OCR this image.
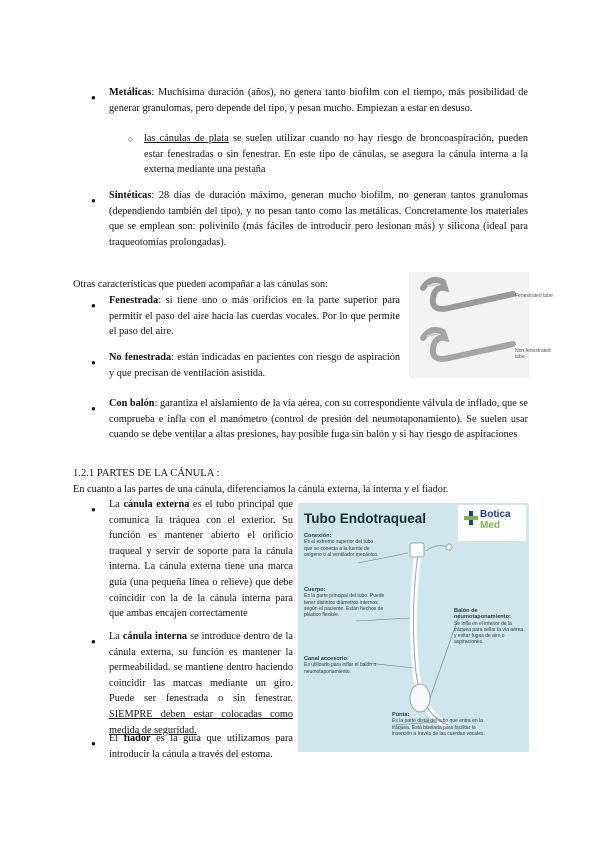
● Metálicas: Muchísima duración (años), no genera tanto biofilm con el tiempo, más posibilidad de generar granulomas, pero depende del tipo, y pesan mucho. Empiezan a estar en desuso.
○ las cánulas de plata se suelen utilizar cuando no hay riesgo de broncoaspiración, pueden estar fenestradas o sin fenestrar. En este tipo de cánulas, se asegura la cánula interna a la externa mediante una pestaña
● Sintéticas: 28 días de duración máximo, generan mucho biofilm, no generan tantos granulomas (dependiendo también del tipo), y no pesan tanto como las metálicas. Concretamente los materiales que se emplean son: polivinilo (más fáciles de introducir pero lesionan más) y silicona (ideal para traqueotomías prolongadas).
Otras características que pueden acompañar a las cánulas son:
● Fenestrada: si tiene uno o más orificios en la parte superior para permitir el paso del aire hacia las cuerdas vocales. Por lo que permite el paso del aire.
● No fenestrada: están indicadas en pacientes con riesgo de aspiración y que precisan de ventilación asistida.
Fenestrated tube
Non fenestrated
tube
● Con balón: garantiza el aislamiento de la vía aérea, con su correspondiente válvula de inflado, que se comprueba e infla con el manómetro (control de presión del neumotaponamiento). Se suelen usar cuando se debe ventilar a altas presiones, hay posible fuga sin balón y si hay riesgo de aspiraciones
1.2.1 PARTES DE LA CÁNULA :
En cuanto a las partes de una cánula, diferenciamos la cánula externa, la interna y el fiador.
● La cánula externa es el tubo principal que comunica la tráquea con el exterior. Su función es mantener abierto el orificio traqueal y servir de soporte para la cánula interna. La cánula externa tiene una marca guía (una pequeña línea o relieve) que debe coincidir con la de la cánula interna para que ambas encajen correctamente
● La cánula interna se introduce dentro de la cánula externa, su función es mantener la permeabilidad. se mantiene dentro haciendo coincidir las marcas mediante un giro. Puede ser fenestrada o sin fenestrar. SIEMPRE deben estar colocadas como medida de seguridad.
● El fiador es la guía que utilizamos para introducir la cánula a través del estoma.
Tubo Endotraqueal	Botica
Med
Conexión:
Es el extremo superior del tubo que se conecta a la fuente de oxígeno o al ventilador mecánico.
Cuerpo:
Es la parte principal del tubo. Puede tener distintos diámetros internos según el paciente. Están hechos de plástico flexible.
Canal accesorio:
Es utilizado para inflar el balón o neumotaponamiento.
Balón de neumotaponamiento:
Se infla en el interior de la tráquea para sellar la vía aérea y evitar fugas de aire o aspiraciones.
Punta:
Es la parte distal del tubo que entra en la tráquea. Está biselada para facilitar la inserción a través de las cuerdas vocales.
